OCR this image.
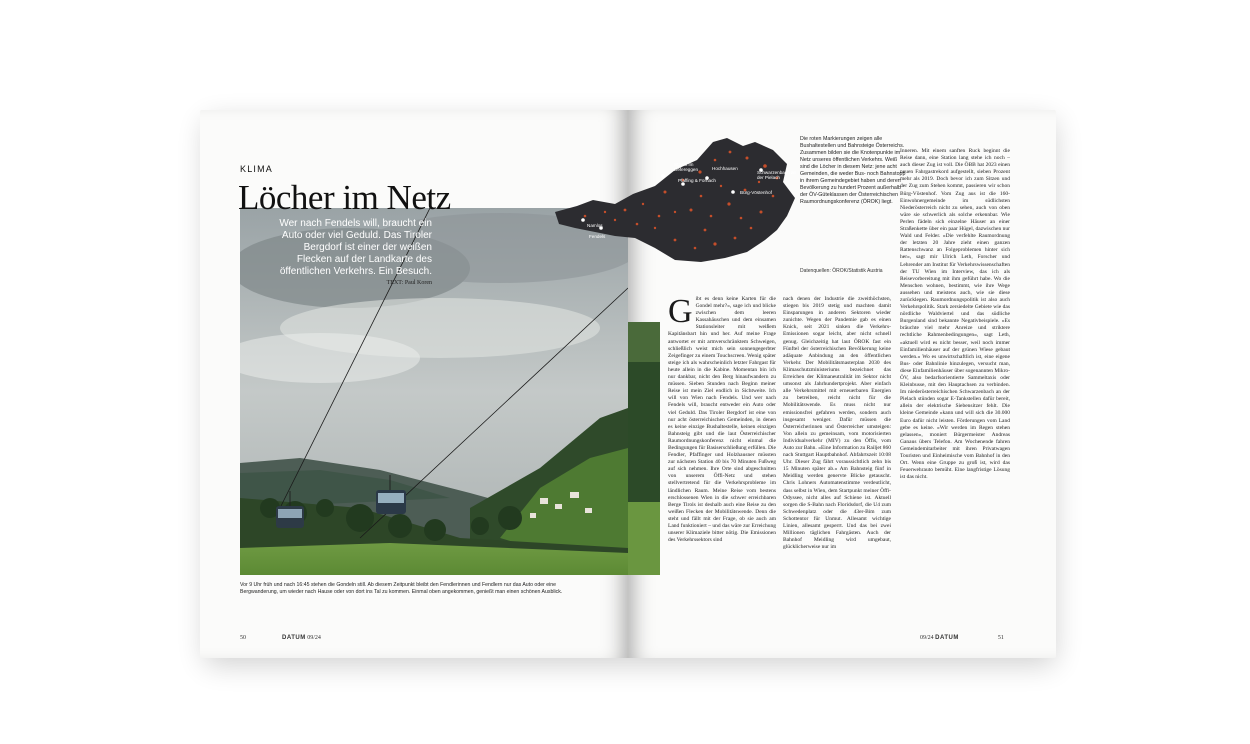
KLIMA
Löcher im Netz
Wer nach Fendels will, braucht ein Auto oder viel Geduld. Das Tiroler Bergdorf ist einer der weißen Flecken auf der Landkarte des öffentlichen Verkehrs. Ein Besuch.
TEXT: Paul Koren
Vor 9 Uhr früh und nach 16:45 stehen die Gondeln still. Ab diesem Zeitpunkt bleibt den Fendlerinnen und Fendlern nur das Auto oder eine Bergwanderung, um wieder nach Hause oder von dort ins Tal zu kommen. Einmal oben angekommen, genießt man einen schönen Ausblick.
50	DATUM 09/24
Gibt es denn keine Karten für die Gondel mehr?«, sage ich und blicke zwischen dem leeren Kassahäuschen und dem einsamen Stationsleiter mit weißem Kapitänsbart hin und her. Auf meine Frage antwortet er mit armverschränktem Schweigen, schließlich weist mich sein sonnengegerbter Zeigefinger zu einem Touchscreen. Wenig später steige ich als wahrscheinlich letzter Fahrgast für heute allein in die Kabine. Momentan bin ich nur dankbar, nicht den Berg hinaufwandern zu müssen. Sieben Stunden nach Beginn meiner Reise ist mein Ziel endlich in Sichtweite. Ich will von Wien nach Fendels. Und wer nach Fendels will, braucht entweder ein Auto oder viel Geduld. Das Tiroler Bergdorf ist eine von nur acht österreichischen Gemeinden, in denen es keine einzige Bushaltestelle, keinen einzigen Bahnsteig gibt und die laut Österreichischer Raumordnungskonferenz nicht einmal die Bedingungen für Basiserschließung erfüllen. Die Fendler, Pfaffinger und Holzhausner müssten zur nächsten Station 40 bis 70 Minuten Fußweg auf sich nehmen. Ihre Orte sind abgeschnitten von unserem Öffi-Netz und stehen stellvertretend für die Verkehrsprobleme im ländlichen Raum. Meine Reise vom bestens erschlossenen Wien in die schwer erreichbaren Berge Tirols ist deshalb auch eine Reise zu den weißen Flecken der Mobilitätswende. Denn die steht und fällt mit der Frage, ob sie auch am Land funktioniert – und das wäre zur Erreichung unserer Klimaziele bitter nötig. Die Emissionen des Verkehrssektors sind
nach denen der Industrie die zweithöchsten, stiegen bis 2019 stetig und machten damit Einsparungen in anderen Sektoren wieder zunichte. Wegen der Pandemie gab es einen Knick, seit 2021 sinken die Verkehrs-Emissionen sogar leicht, aber nicht schnell genug. Gleichzeitig hat laut ÖROK fast ein Fünftel der österreichischen Bevölkerung keine adäquate Anbindung an den öffentlichen Verkehr. Der Mobilitätsmasterplan 2030 des Klimaschutzministeriums bezeichnet das Erreichen der Klimaneutralität im Sektor nicht umsonst als Jahrhundertprojekt. Aber einfach alle Verkehrsmittel mit erneuerbaren Energien zu betreiben, reicht nicht für die Mobilitätswende. Es muss nicht nur emissionsfrei gefahren werden, sondern auch insgesamt weniger. Dafür müssen die Österreicherinnen und Österreicher umsteigen: Von allein zu gemeinsam, vom motorisierten Individualverkehr (MIV) zu den Öffis, vom Auto zur Bahn. »Eine Information zu Railjet 860 nach Stuttgart Hauptbahnhof. Abfahrtszeit 10:08 Uhr. Dieser Zug fährt voraussichtlich zehn bis 15 Minuten später ab.« Am Bahnsteig fünf in Meidling werden genervte Blicke getauscht. Chris Lohners Automatenstimme verdeutlicht, dass selbst in Wien, dem Startpunkt meiner Öffi-Odyssee, nicht alles auf Schiene ist. Aktuell sorgen die S-Bahn nach Floridsdorf, die U4 zum Schwedenplatz oder die 43er-Bim zum Schottentor für Unmut. Allesamt wichtige Linien, allesamt gesperrt. Und das bei zwei Millionen täglichen Fahrgästen. Auch der Bahnhof Meidling wird umgebaut, glücklicherweise nur im
Inneren. Mit einem sanften Ruck beginnt die Reise dann, eine Station lang stehe ich noch – auch dieser Zug ist voll. Die ÖBB hat 2023 einen neuen Fahrgastrekord aufgestellt, sieben Prozent mehr als 2019. Doch bevor ich zum Sitzen und der Zug zum Stehen kommt, passieren wir schon Bürg-Vöstenhof. Vom Zug aus ist die 160-Einwohnergemeinde im südlichsten Niederösterreich nicht zu sehen, auch von oben wäre sie schwerlich als solche erkennbar. Wie Perlen fädeln sich einzelne Häuser an einer Straßenkette über ein paar Hügel, dazwischen nur Wald und Felder. »Die verfehlte Raumordnung der letzten 20 Jahre zieht einen ganzen Rattenschwanz an Folgeproblemen hinter sich her«, sagt mir Ulrich Leth, Forscher und Lehrender am Institut für Verkehrswissenschaften der TU Wien im Interview, das ich als Reisevorbereitung mit ihm geführt habe. Wo die Menschen wohnen, bestimmt, wie ihre Wege aussehen und meistens auch, wie sie diese zurücklegen. Raumordnungspolitik ist also auch Verkehrspolitik. Stark zersiedelte Gebiete wie das nördliche Waldviertel und das südliche Burgenland sind bekannte Negativbeispiele. »Es bräuchte viel mehr Anreize und striktere rechtliche Rahmenbedingungen«, sagt Leth, »aktuell wird es nicht besser, weil noch immer Einfamilienhäuser auf der grünen Wiese gebaut werden.« Wo es unwirtschaftlich ist, eine eigene Bus- oder Bahnlinie hinzulegen, versucht man, diese Einfamilienhäuser über sogenannten Mikro-ÖV, also bedarfsorientierte Sammeltaxis oder Kleinbusse, mit den Hauptachsen zu verbinden. Im niederösterreichischen Schwarzenbach an der Pielach stünden sogar E-Tankstellen dafür bereit, allein der elektrische Siebensitzer fehlt. Die kleine Gemeinde »kann und will sich die 30.000 Euro dafür nicht leisten. Förderungen vom Land gebe es keine. »Wir werden im Regen stehen gelassen«, moniert Bürgermeister Andreas Ganaus übers Telefon. Am Wochenende fahren Gemeindemitarbeiter mit ihren Privatwagen Touristen und Einheimische vom Bahnhof in den Ort. Wenn eine Gruppe zu groß ist, wird das Feuerwehrauto bemüht. Eine langfristige Lösung ist das nicht.
09/24 DATUM	51
Namlos
Fendels
St.Veit im Defereggen	Hochhausen
Pfaffing & Fornach
Schwarzenbach an der Pielach
Bürg-Vöstenhof
Die roten Markierungen zeigen alle Bushaltestellen und Bahnsteige Österreichs. Zusammen bilden sie die Knotenpunkte im Netz unseres öffentlichen Verkehrs. Weiß sind die Löcher in diesem Netz: jene acht Gemeinden, die weder Bus- noch Bahnstopp in ihrem Gemeindegebiet haben und deren Bevölkerung zu hundert Prozent außerhalb der ÖV-Güteklassen der Österreichischen Raumordnungskonferenz (ÖROK) liegt.
Datenquellen: ÖROK/Statistik Austria
